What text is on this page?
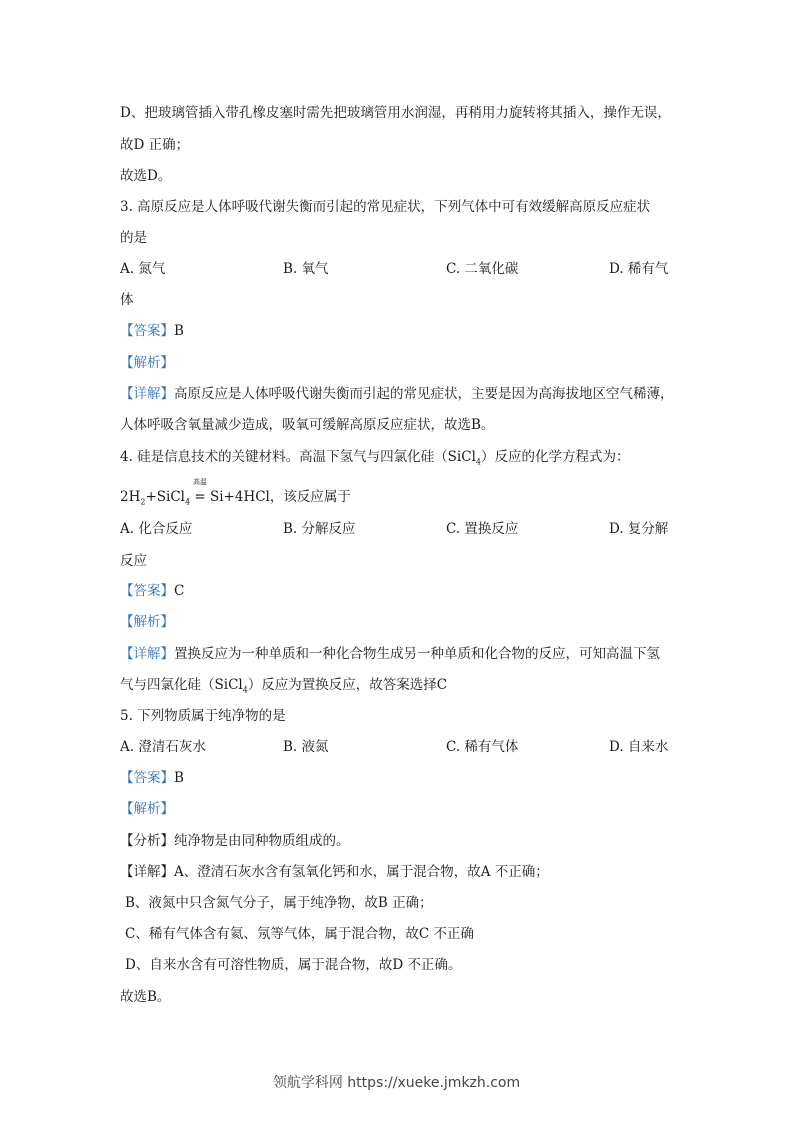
D、把玻璃管插入带孔橡皮塞时需先把玻璃管用水润湿，再稍用力旋转将其插入，操作无误，
故D 正确；
故选D。
3. 高原反应是人体呼吸代谢失衡而引起的常见症状，下列气体中可有效缓解高原反应症状
的是
A. 氮气	B. 氧气	C. 二氧化碳	D. 稀有气
体
【答案】B
【解析】
【详解】高原反应是人体呼吸代谢失衡而引起的常见症状，主要是因为高海拔地区空气稀薄，
人体呼吸含氧量减少造成，吸氧可缓解高原反应症状，故选B。
4. 硅是信息技术的关键材料。高温下氢气与四氯化硅（SiCl$_4$）反应的化学方程式为：
高温
$2H_2+SiCl_4 = Si+4HCl$，该反应属于
A. 化合反应	B. 分解反应	C. 置换反应	D. 复分解
反应
【答案】C
【解析】
【详解】置换反应为一种单质和一种化合物生成另一种单质和化合物的反应，可知高温下氢
气与四氯化硅（SiCl$_4$）反应为置换反应，故答案选择C
5. 下列物质属于纯净物的是
A. 澄清石灰水	B. 液氮	C. 稀有气体	D. 自来水
【答案】B
【解析】
【分析】纯净物是由同种物质组成的。
【详解】A、澄清石灰水含有氢氧化钙和水，属于混合物，故A 不正确；
B、液氮中只含氮气分子，属于纯净物，故B 正确；
C、稀有气体含有氦、氖等气体，属于混合物，故C 不正确
D、自来水含有可溶性物质，属于混合物，故D 不正确。
故选B。
领航学科网 https://xueke.jmkzh.com
